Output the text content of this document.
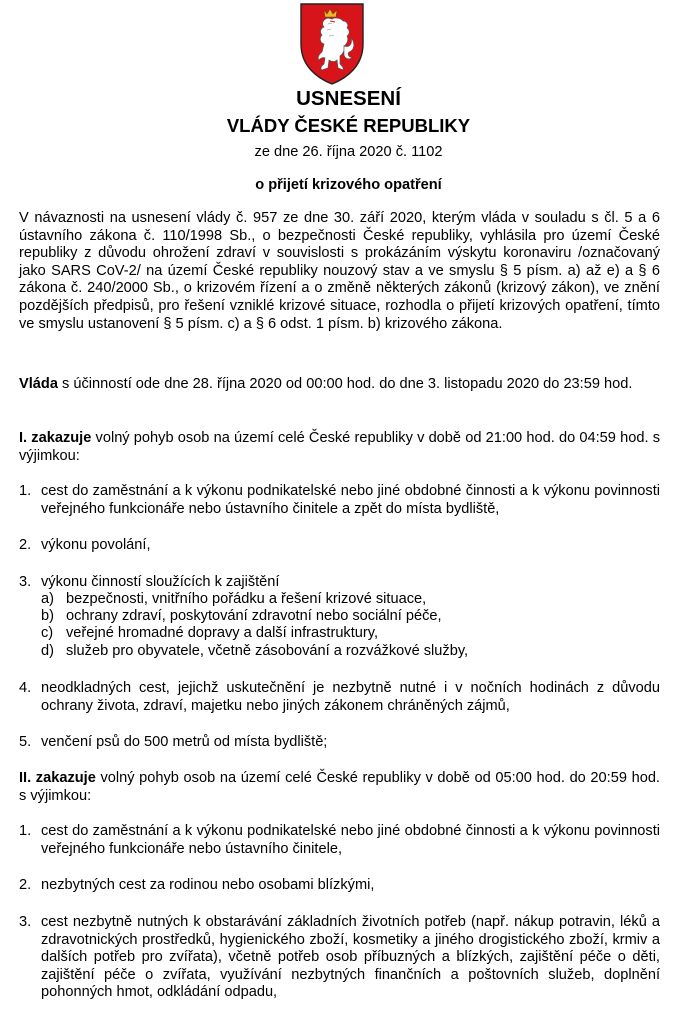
USNESENÍ
VLÁDY ČESKÉ REPUBLIKY
ze dne 26. října 2020 č. 1102
o přijetí krizového opatření
V návaznosti na usnesení vlády č. 957 ze dne 30. září 2020, kterým vláda v souladu s čl. 5 a 6 ústavního zákona č. 110/1998 Sb., o bezpečnosti České republiky, vyhlásila pro území České republiky z důvodu ohrožení zdraví v souvislosti s prokázáním výskytu koronaviru /označovaný jako SARS CoV-2/ na území České republiky nouzový stav a ve smyslu § 5 písm. a) až e) a § 6 zákona č. 240/2000 Sb., o krizovém řízení a o změně některých zákonů (krizový zákon), ve znění pozdějších předpisů, pro řešení vzniklé krizové situace, rozhodla o přijetí krizových opatření, tímto ve smyslu ustanovení § 5 písm. c) a § 6 odst. 1 písm. b) krizového zákona.
Vláda s účinností ode dne 28. října 2020 od 00:00 hod. do dne 3. listopadu 2020 do 23:59 hod.
I. zakazuje volný pohyb osob na území celé České republiky v době od 21:00 hod. do 04:59 hod. s výjimkou:
1. cest do zaměstnání a k výkonu podnikatelské nebo jiné obdobné činnosti a k výkonu povinnosti veřejného funkcionáře nebo ústavního činitele a zpět do místa bydliště,
2. výkonu povolání,
3. výkonu činností sloužících k zajištění
a) bezpečnosti, vnitřního pořádku a řešení krizové situace,
b) ochrany zdraví, poskytování zdravotní nebo sociální péče,
c) veřejné hromadné dopravy a další infrastruktury,
d) služeb pro obyvatele, včetně zásobování a rozvážkové služby,
4. neodkladných cest, jejichž uskutečnění je nezbytně nutné i v nočních hodinách z důvodu ochrany života, zdraví, majetku nebo jiných zákonem chráněných zájmů,
5. venčení psů do 500 metrů od místa bydliště;
II. zakazuje volný pohyb osob na území celé České republiky v době od 05:00 hod. do 20:59 hod. s výjimkou:
1. cest do zaměstnání a k výkonu podnikatelské nebo jiné obdobné činnosti a k výkonu povinnosti veřejného funkcionáře nebo ústavního činitele,
2. nezbytných cest za rodinou nebo osobami blízkými,
3. cest nezbytně nutných k obstarávání základních životních potřeb (např. nákup potravin, léků a zdravotnických prostředků, hygienického zboží, kosmetiky a jiného drogistického zboží, krmiv a dalších potřeb pro zvířata), včetně potřeb osob příbuzných a blízkých, zajištění péče o děti, zajištění péče o zvířata, využívání nezbytných finančních a poštovních služeb, doplnění pohonných hmot, odkládání odpadu,
